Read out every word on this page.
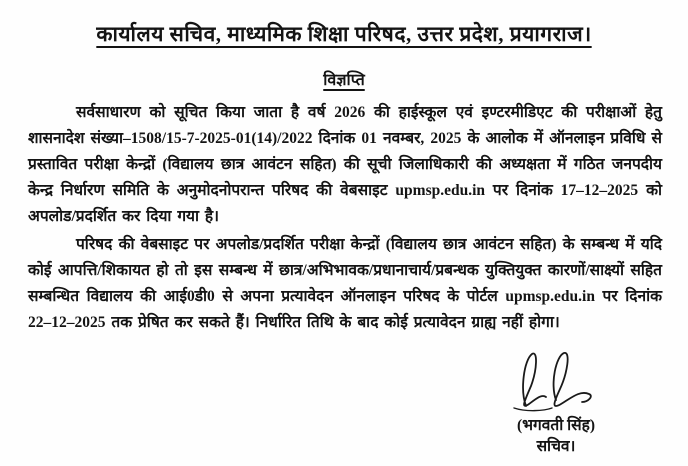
कार्यालय सचिव, माध्यमिक शिक्षा परिषद, उत्तर प्रदेश, प्रयागराज।
विज्ञप्ति

सर्वसाधारण को सूचित किया जाता है वर्ष 2026 की हाईस्कूल एवं इण्टरमीडिएट की परीक्षाओं हेतु शासनादेश संख्या–1508/15-7-2025-01(14)/2022 दिनांक 01 नवम्बर, 2025 के आलोक में ऑनलाइन प्रविधि से प्रस्तावित परीक्षा केन्द्रों (विद्यालय छात्र आवंटन सहित) की सूची जिलाधिकारी की अध्यक्षता में गठित जनपदीय केन्द्र निर्धारण समिति के अनुमोदनोपरान्त परिषद की वेबसाइट upmsp.edu.in पर दिनांक 17–12–2025 को अपलोड/प्रदर्शित कर दिया गया है।

परिषद की वेबसाइट पर अपलोड/प्रदर्शित परीक्षा केन्द्रों (विद्यालय छात्र आवंटन सहित) के सम्बन्ध में यदि कोई आपत्ति/शिकायत हो तो इस सम्बन्ध में छात्र/अभिभावक/प्रधानाचार्य/प्रबन्धक युक्तियुक्त कारणों/साक्ष्यों सहित सम्बन्धित विद्यालय की आई0डी0 से अपना प्रत्यावेदन ऑनलाइन परिषद के पोर्टल upmsp.edu.in पर दिनांक 22–12–2025 तक प्रेषित कर सकते हैं। निर्धारित तिथि के बाद कोई प्रत्यावेदन ग्राह्य नहीं होगा।

(भगवती सिंह)
सचिव।
